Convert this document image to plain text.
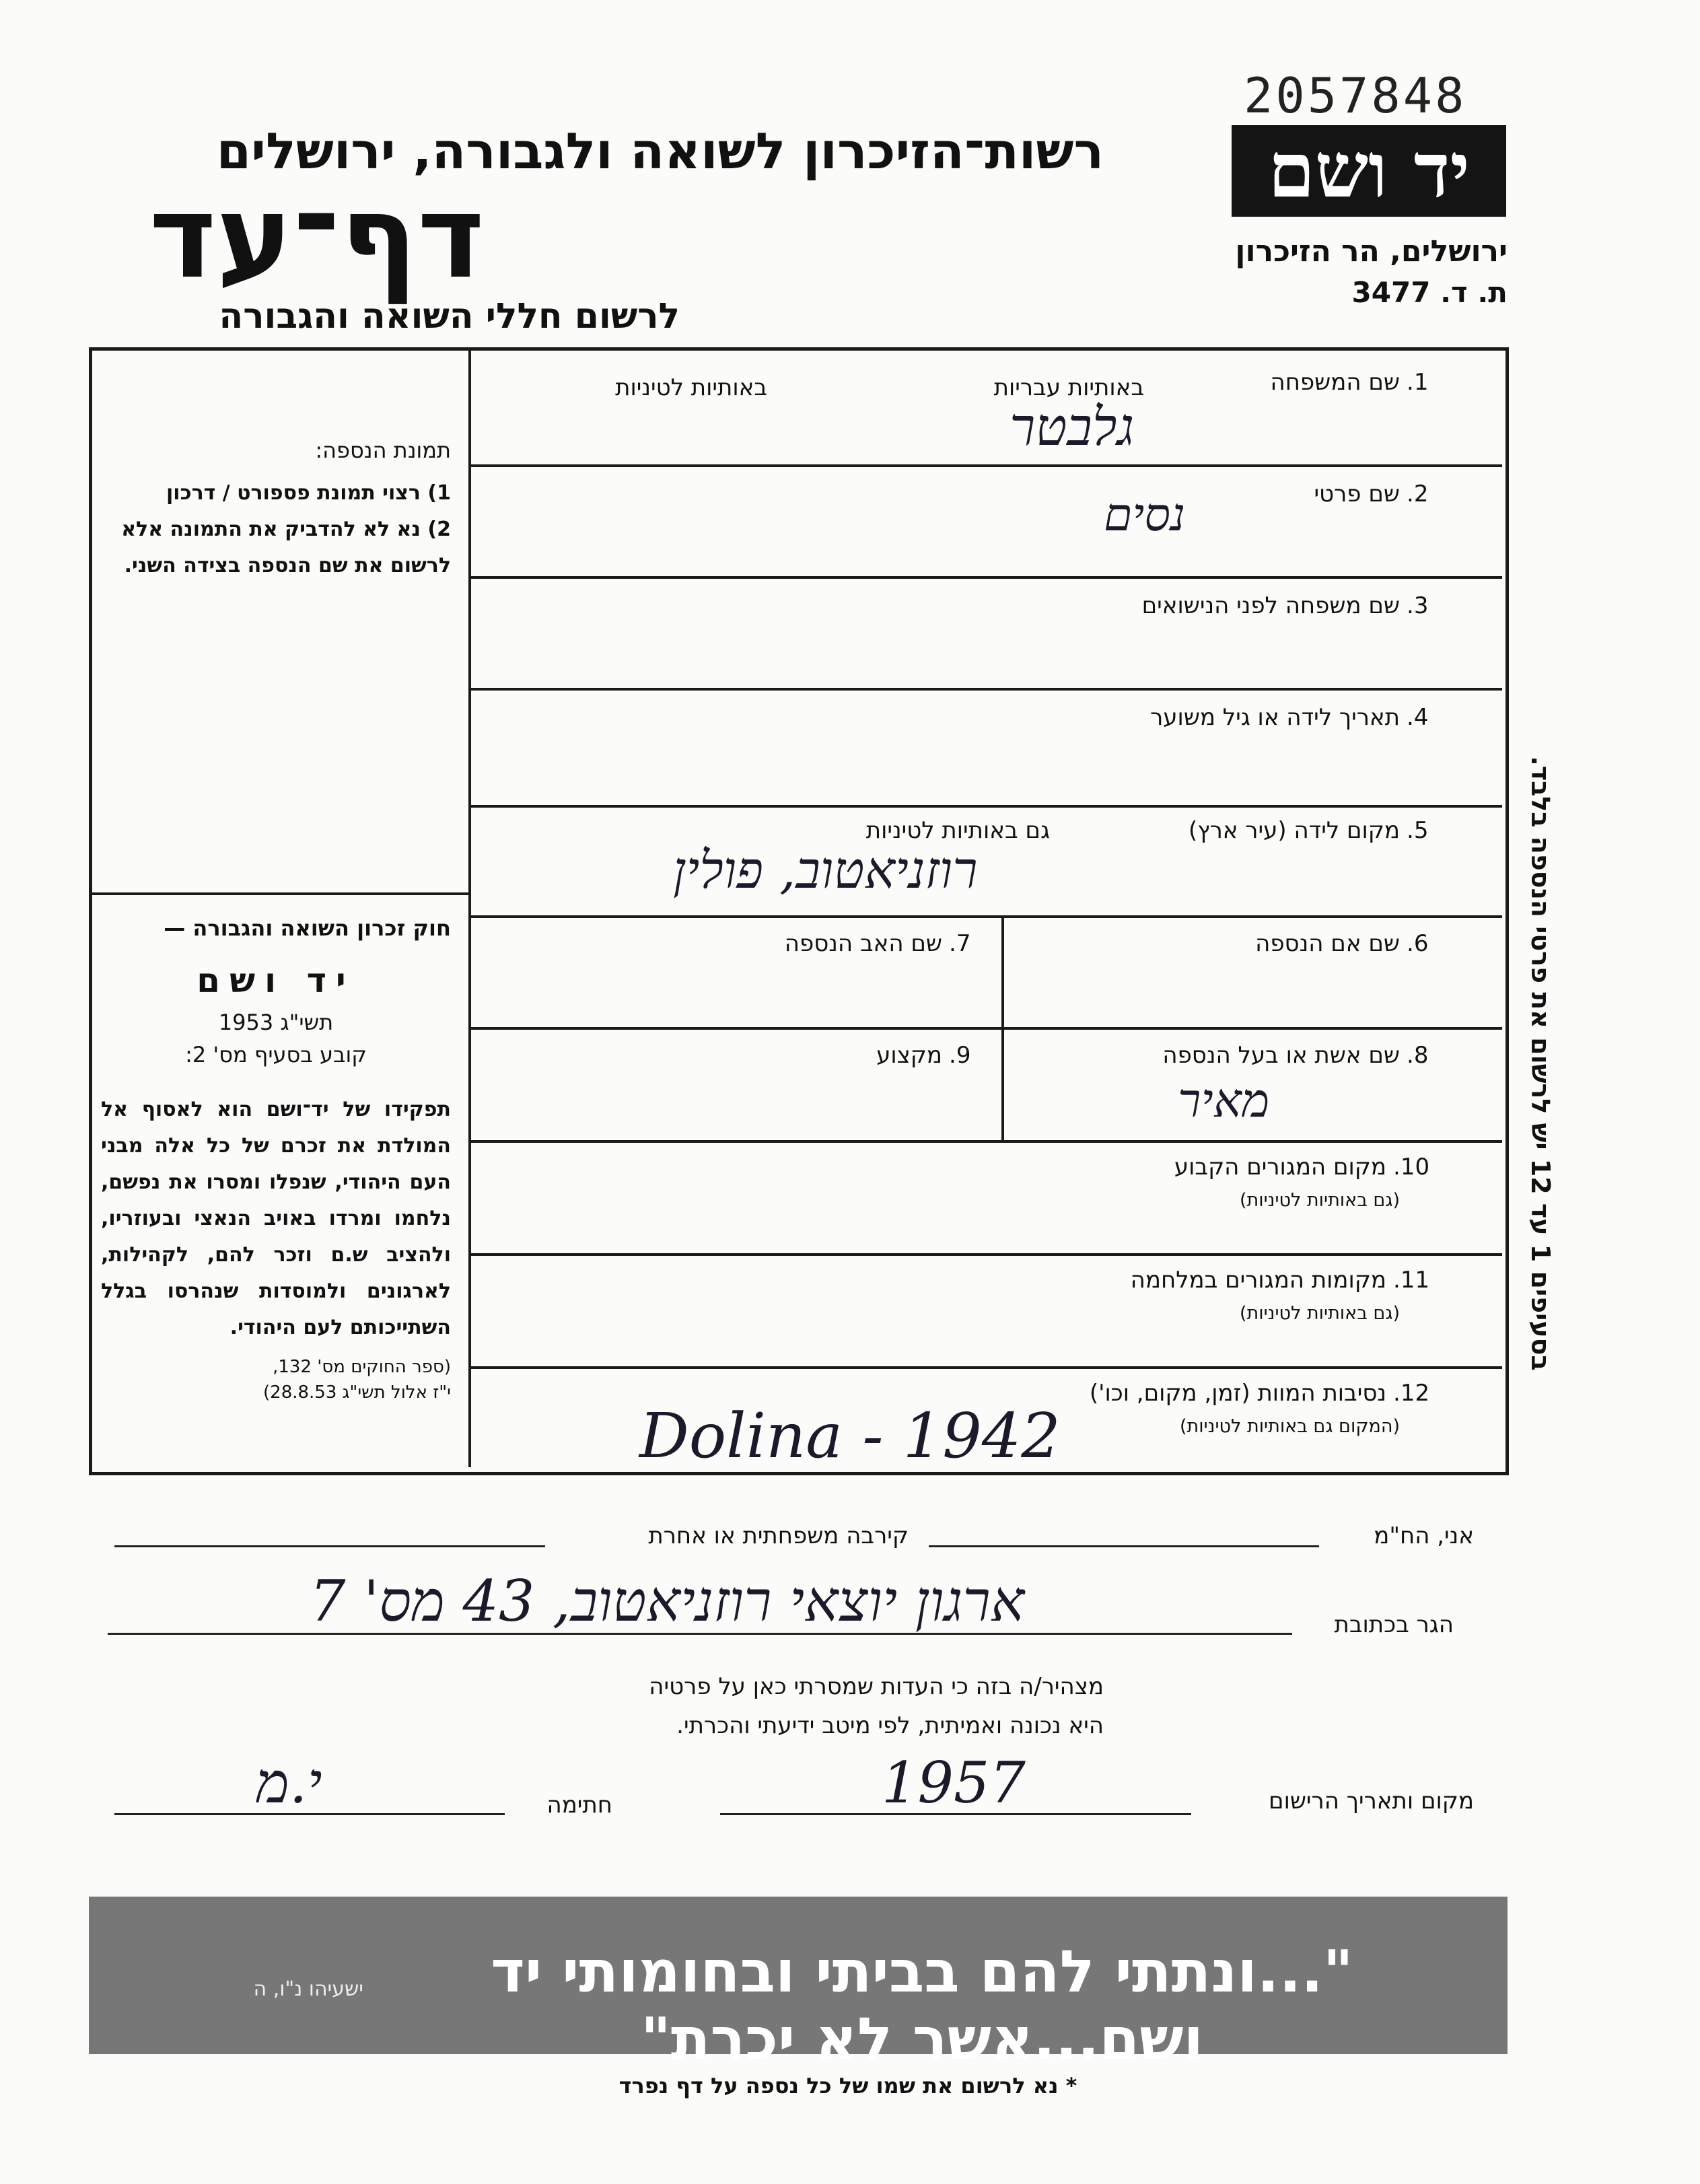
2057848
יד ושם
ירושלים, הר הזיכרון
ת. ד. 3477
רשות־הזיכרון לשואה ולגבורה, ירושלים
דף־עד
לרשום חללי השואה והגבורה
תמונת הנספה:
1) רצוי תמונת פספורט / דרכון
2) נא לא להדביק את התמונה אלא לרשום את שם הנספה בצידה השני.
חוק זכרון השואה והגבורה —
יד ושם
תשי"ג 1953
קובע בסעיף מס' 2:
תפקידו של יד־ושם הוא לאסוף אל המולדת את זכרם של כל אלה מבני העם היהודי, שנפלו ומסרו את נפשם, נלחמו ומרדו באויב הנאצי ובעוזריו, ולהציב ש.ם וזכר להם, לקהילות, לארגונים ולמוסדות שנהרסו בגלל השתייכותם לעם היהודי.
(ספר החוקים מס' 132,
י"ז אלול תשי"ג 28.8.53)
1.
שם המשפחה
באותיות עבריות
באותיות לטיניות
גלבטר
2.
שם פרטי
נסים
3.
שם משפחה לפני הנישואים
4.
תאריך לידה או גיל משוער
5.
מקום לידה (עיר ארץ)
גם באותיות לטיניות
רוזניאטוב, פולין
6.
שם אם הנספה
7.
שם האב הנספה
8.
שם אשת או בעל הנספה
מאיר
9.
מקצוע
10.
מקום המגורים הקבוע
(גם באותיות לטיניות)
11.
מקומות המגורים במלחמה
(גם באותיות לטיניות)
12.
נסיבות המוות (זמן, מקום, וכו')
(המקום גם באותיות לטיניות)
Dolina - 1942
בסעיפים 1 עד 12 יש לרשום את פרטי הנספה בלבד.
אני, הח"מ
קירבה משפחתית או אחרת
הגר בכתובת
ארגון יוצאי רוזניאטוב, 43 מס' 7
מצהיר/ה בזה כי העדות שמסרתי כאן על פרטיה
היא נכונה ואמיתית, לפי מיטב ידיעתי והכרתי.
מקום ותאריך הרישום
1957
חתימה
י.מ
"...ונתתי להם בביתי ובחומותי יד ושם...אשר לא יכרת"
ישעיהו נ"ו, ה
* נא לרשום את שמו של כל נספה על דף נפרד
